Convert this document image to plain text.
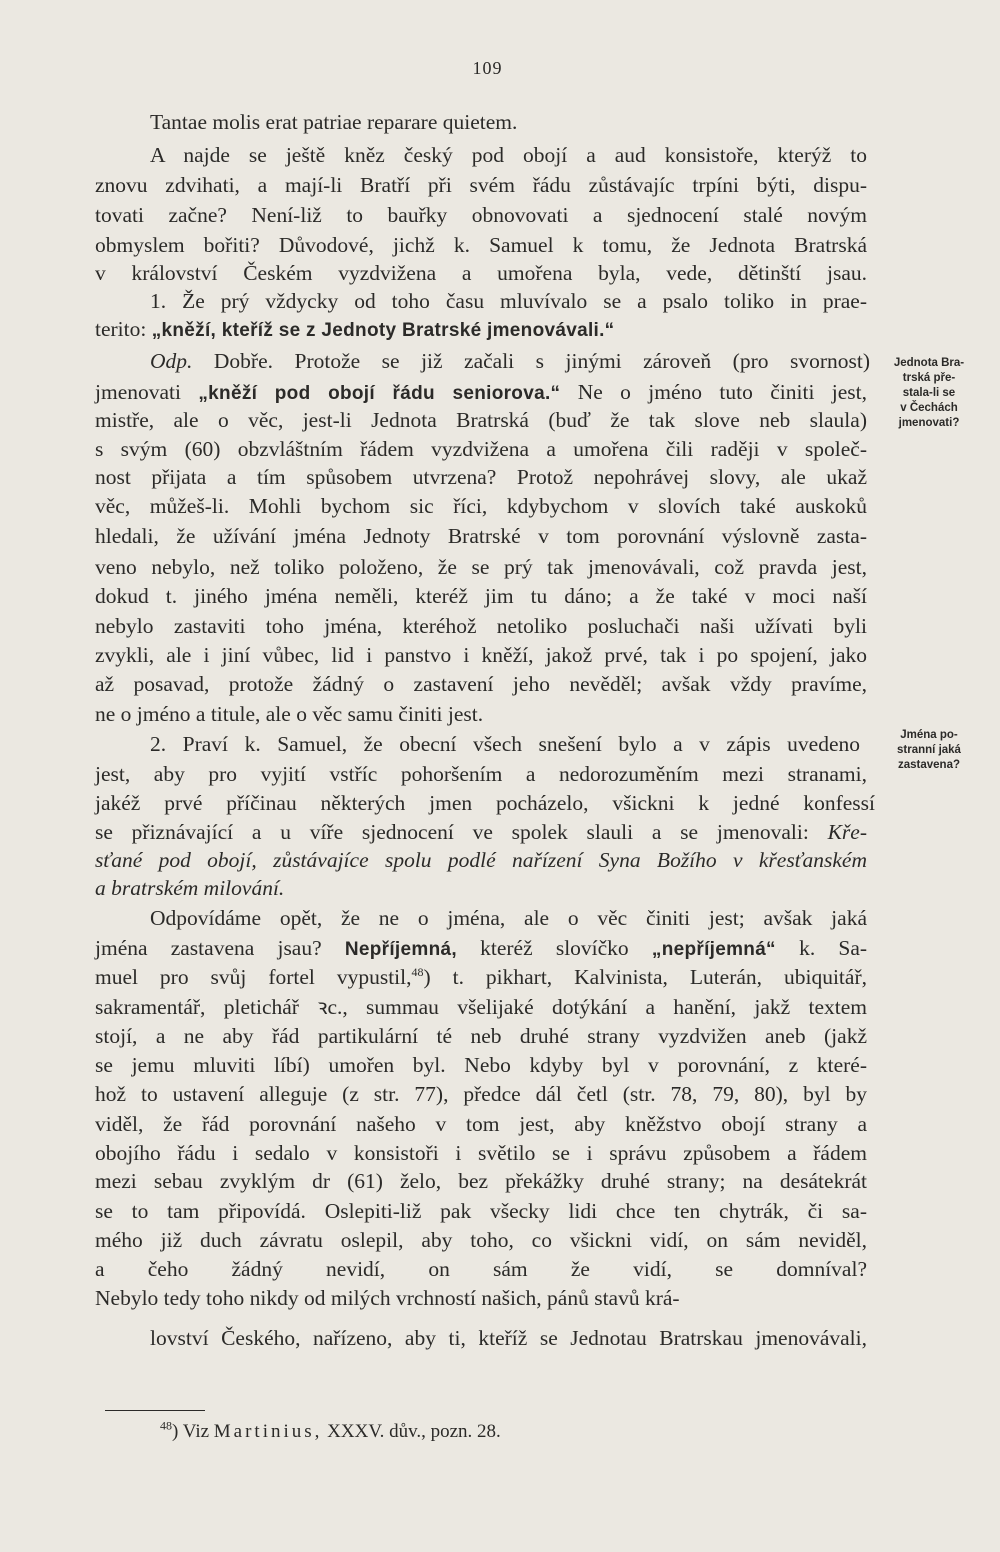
109
Tantae molis erat patriae reparare quietem.
A najde se ještě kněz český pod obojí a aud konsistoře, kterýž to
znovu zdvihati, a mají-li Bratří při svém řádu zůstávajíc trpíni býti, dispu-
tovati začne? Není-liž to bauřky obnovovati a sjednocení stalé novým
obmyslem bořiti? Důvodové, jichž k. Samuel k tomu, že Jednota Bratrská
v království Českém vyzdvižena a umořena byla, vede, dětinští jsau.
1. Že prý vždycky od toho času mluvívalo se a psalo toliko in prae-
terito: „kněží, kteříž se z Jednoty Bratrské jmenovávali.“
Odp. Dobře. Protože se již začali s jinými zároveň (pro svornost)
jmenovati „kněží pod obojí řádu seniorova.“ Ne o jméno tuto činiti jest,
mistře, ale o věc, jest-li Jednota Bratrská (buď že tak slove neb slaula)
s svým (60) obzvláštním řádem vyzdvižena a umořena čili raději v společ-
nost přijata a tím spůsobem utvrzena? Protož nepohrávej slovy, ale ukaž
věc, můžeš-li. Mohli bychom sic říci, kdybychom v slovích také auskoků
hledali, že užívání jména Jednoty Bratrské v tom porovnání výslovně zasta-
veno nebylo, než toliko položeno, že se prý tak jmenovávali, což pravda jest,
dokud t. jiného jména neměli, kteréž jim tu dáno; a že také v moci naší
nebylo zastaviti toho jména, kteréhož netoliko posluchači naši užívati byli
zvykli, ale i jiní vůbec, lid i panstvo i kněží, jakož prvé, tak i po spojení, jako
až posavad, protože žádný o zastavení jeho nevěděl; avšak vždy pravíme,
ne o jméno a titule, ale o věc samu činiti jest.
2. Praví k. Samuel, že obecní všech snešení bylo a v zápis uvedeno
jest, aby pro vyjití vstříc pohoršením a nedorozuměním mezi stranami,
jakéž prvé příčinau některých jmen pocházelo, všickni k jedné konfessí
se přiznávající a u víře sjednocení ve spolek slauli a se jmenovali: Kře-
sťané pod obojí, zůstávajíce spolu podlé nařízení Syna Božího v křesťanském
a bratrském milování.
Odpovídáme opět, že ne o jména, ale o věc činiti jest; avšak jaká
jména zastavena jsau? Nepříjemná, kteréž slovíčko „nepříjemná“ k. Sa-
muel pro svůj fortel vypustil,$^{48}$) t. pikhart, Kalvinista, Luterán, ubiquitář,
sakramentář, pletichář ꝛc., summau všelijaké dotýkání a hanění, jakž textem
stojí, a ne aby řád partikulární té neb druhé strany vyzdvižen aneb (jakž
se jemu mluviti líbí) umořen byl. Nebo kdyby byl v porovnání, z které-
hož to ustavení alleguje (z str. 77), předce dál četl (str. 78, 79, 80), byl by
viděl, že řád porovnání našeho v tom jest, aby kněžstvo obojí strany a
obojího řádu i sedalo v konsistoři i světilo se i správu způsobem a řádem
mezi sebau zvyklým dr (61) želo, bez překážky druhé strany; na desátekrát
se to tam připovídá. Oslepiti-liž pak všecky lidi chce ten chytrák, či sa-
mého již duch závratu oslepil, aby toho, co všickni vidí, on sám neviděl,
a čeho žádný nevidí, on sám že vidí, se domníval?
Nebylo tedy toho nikdy od milých vrchností našich, pánů stavů krá-
lovství Českého, nařízeno, aby ti, kteříž se Jednotau Bratrskau jmenovávali,
Jednota Bra-
trská pře-
stala-li se
v Čechách
jmenovati?
Jména po-
stranní jaká
zastavena?
$^{48}$) Viz Martinius, XXXV. dův., pozn. 28.
